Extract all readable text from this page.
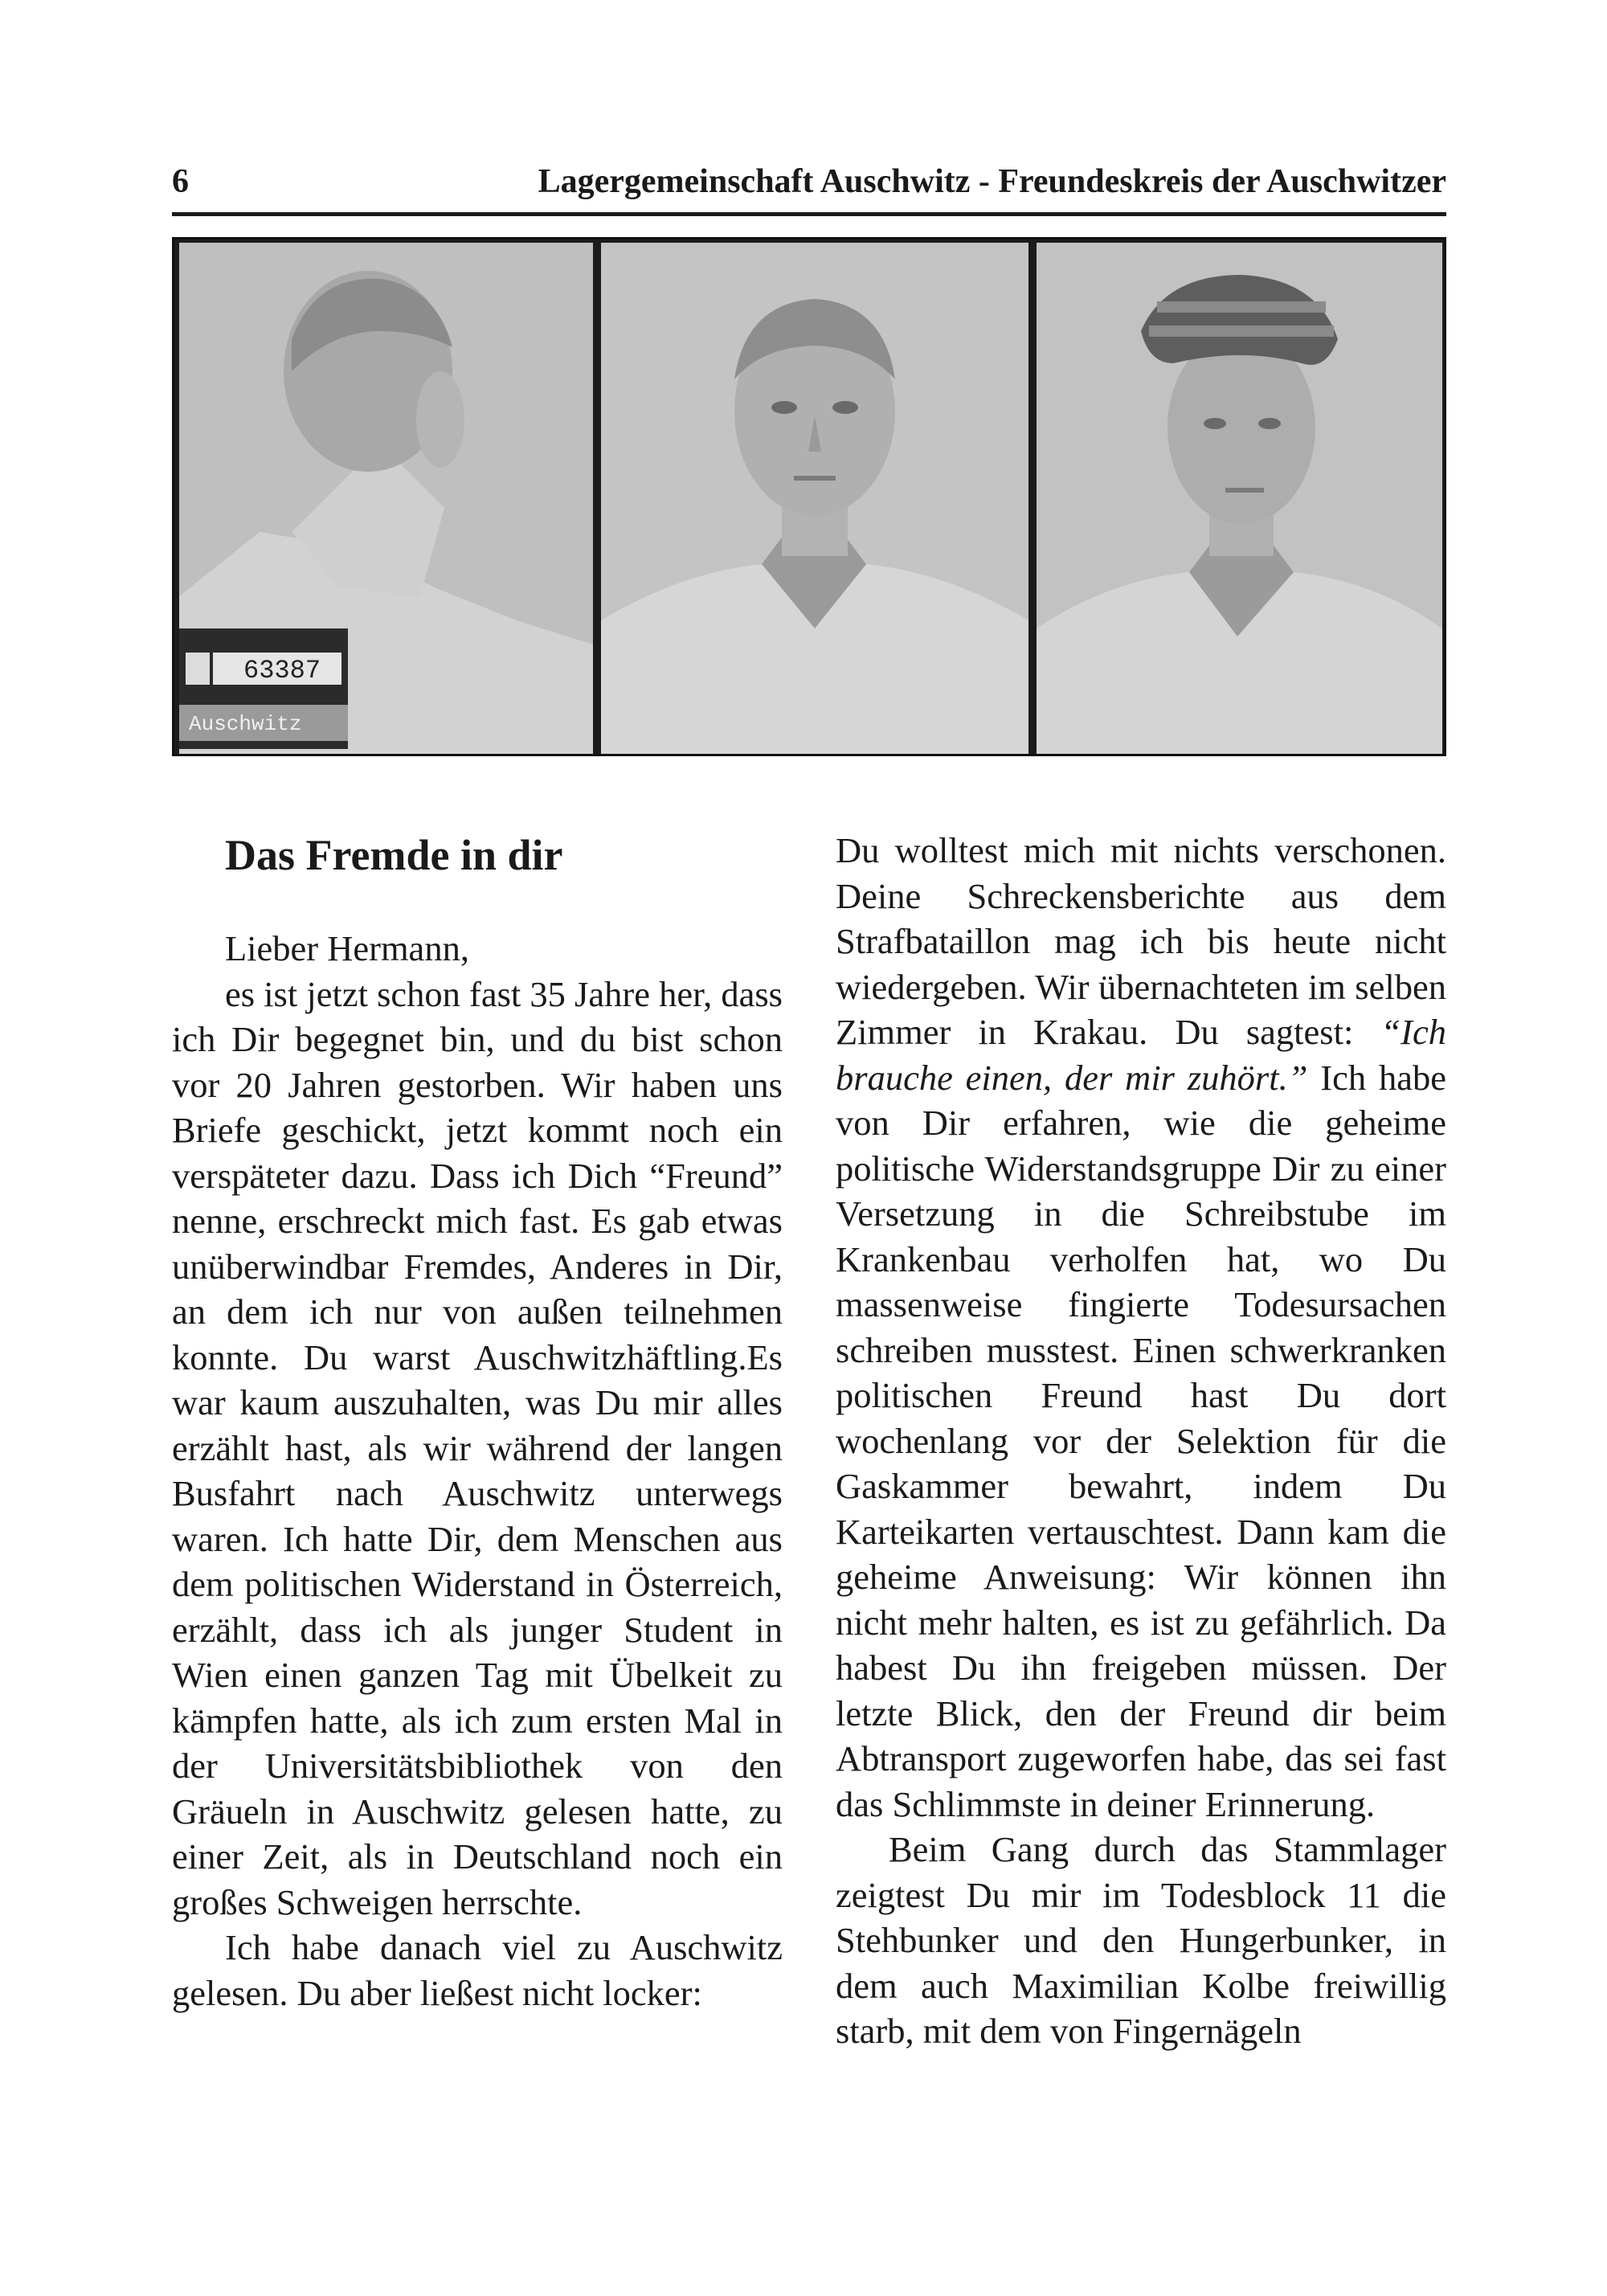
6	Lagergemeinschaft Auschwitz - Freundeskreis der Auschwitzer
63387
Auschwitz
Das Fremde in dir

Lieber Hermann,

es ist jetzt schon fast 35 Jahre her, dass ich Dir begegnet bin, und du bist schon vor 20 Jahren gestorben. Wir haben uns Briefe geschickt, jetzt kommt noch ein verspäteter dazu. Dass ich Dich “Freund” nenne, erschreckt mich fast. Es gab etwas unüberwindbar Fremdes, Anderes in Dir, an dem ich nur von außen teilnehmen konnte. Du warst Auschwitzhäftling.Es war kaum auszuhalten, was Du mir alles erzählt hast, als wir während der langen Busfahrt nach Auschwitz unterwegs waren. Ich hatte Dir, dem Menschen aus dem politischen Widerstand in Österreich, erzählt, dass ich als junger Student in Wien einen ganzen Tag mit Übelkeit zu kämpfen hatte, als ich zum ersten Mal in der Universitätsbibliothek von den Gräueln in Auschwitz gelesen hatte, zu einer Zeit, als in Deutschland noch ein großes Schweigen herrschte.

Ich habe danach viel zu Auschwitz gelesen. Du aber ließest nicht locker:

Du wolltest mich mit nichts verschonen. Deine Schreckensberichte aus dem Strafbataillon mag ich bis heute nicht wiedergeben. Wir übernachteten im selben Zimmer in Krakau. Du sagtest: “Ich brauche einen, der mir zuhört.” Ich habe von Dir erfahren, wie die geheime politische Widerstandsgruppe Dir zu einer Versetzung in die Schreibstube im Krankenbau verholfen hat, wo Du massenweise fingierte Todesursachen schreiben musstest. Einen schwerkranken politischen Freund hast Du dort wochenlang vor der Selektion für die Gaskammer bewahrt, indem Du Karteikarten vertauschtest. Dann kam die geheime Anweisung: Wir können ihn nicht mehr halten, es ist zu gefährlich. Da habest Du ihn freigeben müssen. Der letzte Blick, den der Freund dir beim Abtransport zugeworfen habe, das sei fast das Schlimmste in deiner Erinnerung.

Beim Gang durch das Stammlager zeigtest Du mir im Todesblock 11 die Stehbunker und den Hungerbunker, in dem auch Maximilian Kolbe freiwillig starb, mit dem von Fingernägeln
